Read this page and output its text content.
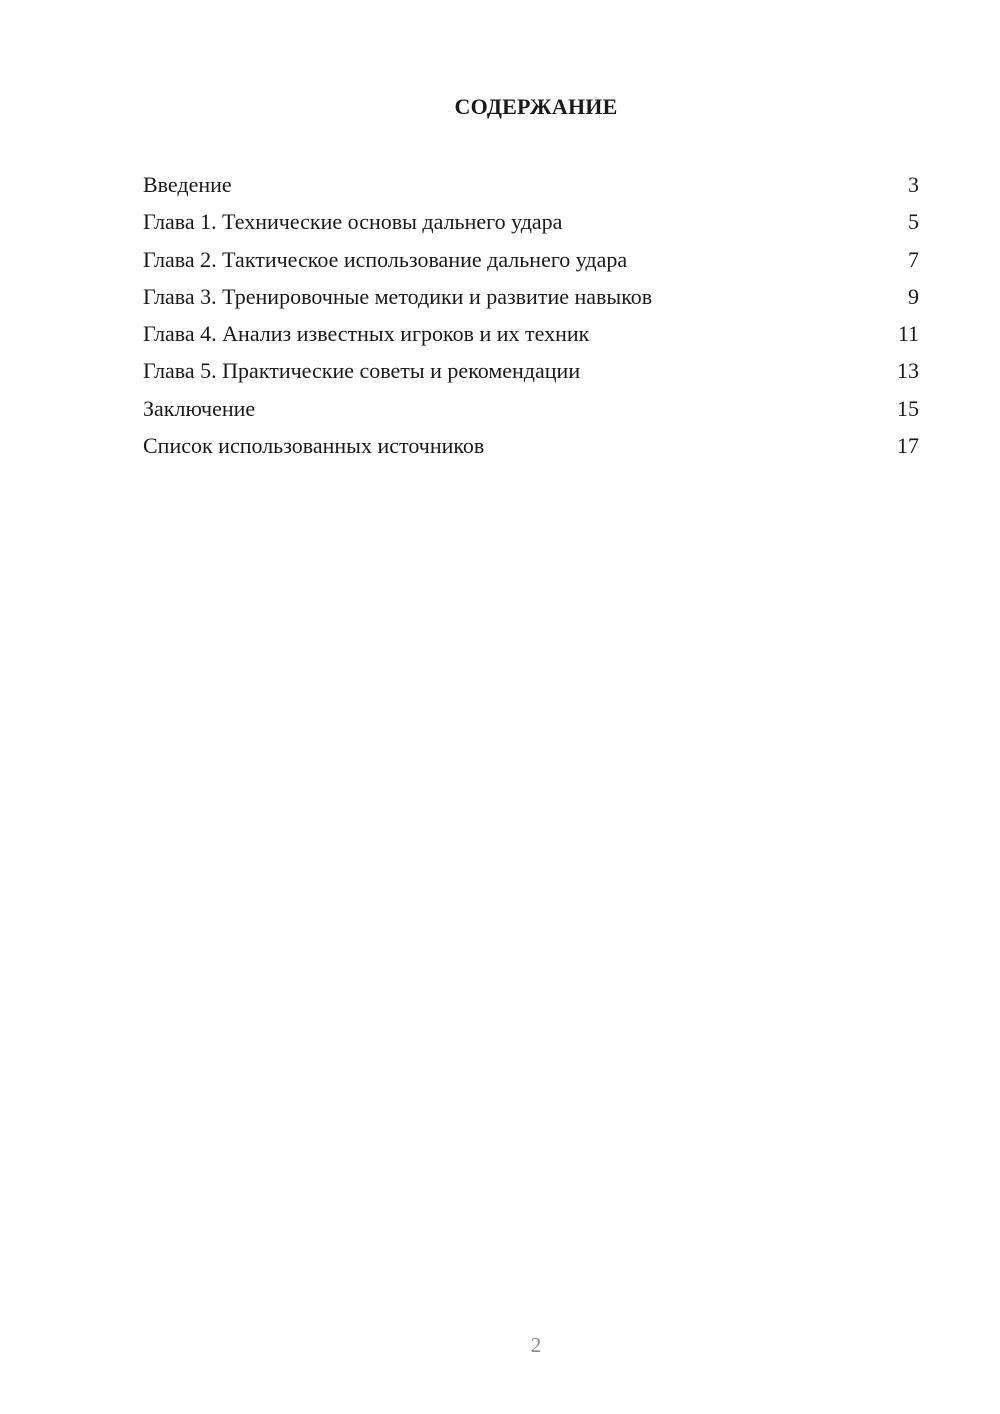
СОДЕРЖАНИЕ
Введение	3
Глава 1. Технические основы дальнего удара	5
Глава 2. Тактическое использование дальнего удара	7
Глава 3. Тренировочные методики и развитие навыков	9
Глава 4. Анализ известных игроков и их техник	11
Глава 5. Практические советы и рекомендации	13
Заключение	15
Список использованных источников	17
2
